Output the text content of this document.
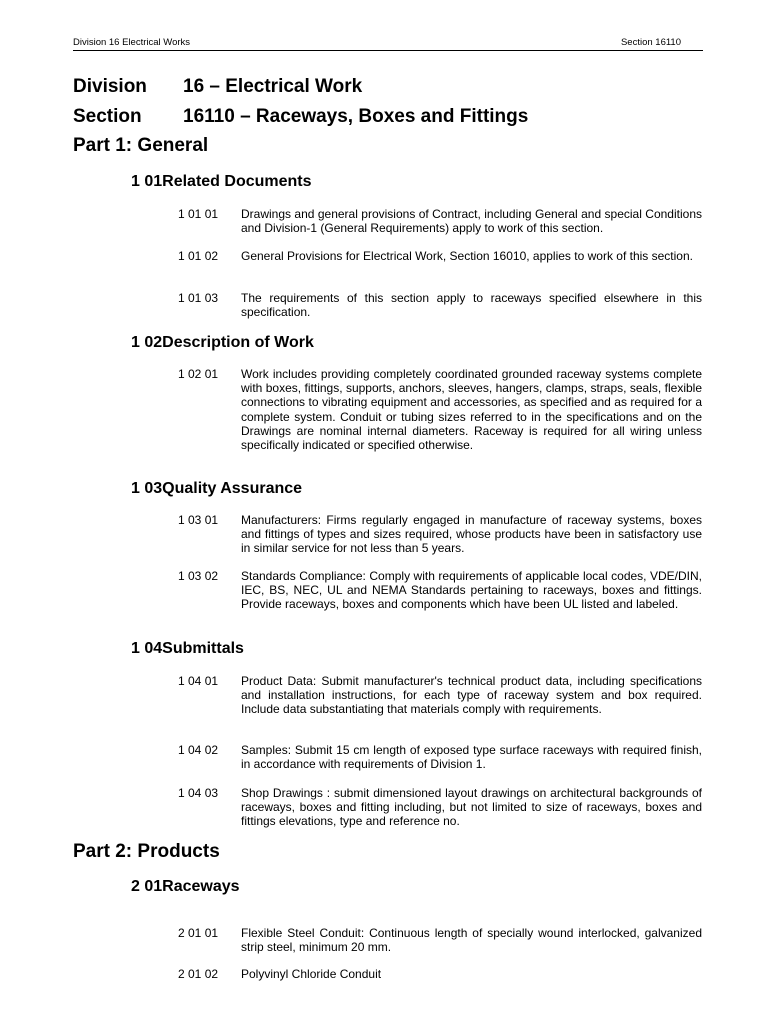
Division 16 Electrical Works	Section 16110
Division 16 – Electrical Work
Section 16110 – Raceways, Boxes and Fittings
Part 1: General
1 01Related Documents
1 01 01 Drawings and general provisions of Contract, including General and special Conditions and Division-1 (General Requirements) apply to work of this section.
1 01 02 General Provisions for Electrical Work, Section 16010, applies to work of this section.
1 01 03 The requirements of this section apply to raceways specified elsewhere in this specification.
1 02Description of Work
1 02 01 Work includes providing completely coordinated grounded raceway systems complete with boxes, fittings, supports, anchors, sleeves, hangers, clamps, straps, seals, flexible connections to vibrating equipment and accessories, as specified and as required for a complete system. Conduit or tubing sizes referred to in the specifications and on the Drawings are nominal internal diameters. Raceway is required for all wiring unless specifically indicated or specified otherwise.
1 03Quality Assurance
1 03 01 Manufacturers: Firms regularly engaged in manufacture of raceway systems, boxes and fittings of types and sizes required, whose products have been in satisfactory use in similar service for not less than 5 years.
1 03 02 Standards Compliance: Comply with requirements of applicable local codes, VDE/DIN, IEC, BS, NEC, UL and NEMA Standards pertaining to raceways, boxes and fittings. Provide raceways, boxes and components which have been UL listed and labeled.
1 04Submittals
1 04 01 Product Data: Submit manufacturer's technical product data, including specifications and installation instructions, for each type of raceway system and box required. Include data substantiating that materials comply with requirements.
1 04 02 Samples: Submit 15 cm length of exposed type surface raceways with required finish, in accordance with requirements of Division 1.
1 04 03 Shop Drawings : submit dimensioned layout drawings on architectural backgrounds of raceways, boxes and fitting including, but not limited to size of raceways, boxes and fittings elevations, type and reference no.
Part 2: Products
2 01Raceways
2 01 01 Flexible Steel Conduit: Continuous length of specially wound interlocked, galvanized strip steel, minimum 20 mm.
2 01 02 Polyvinyl Chloride Conduit
